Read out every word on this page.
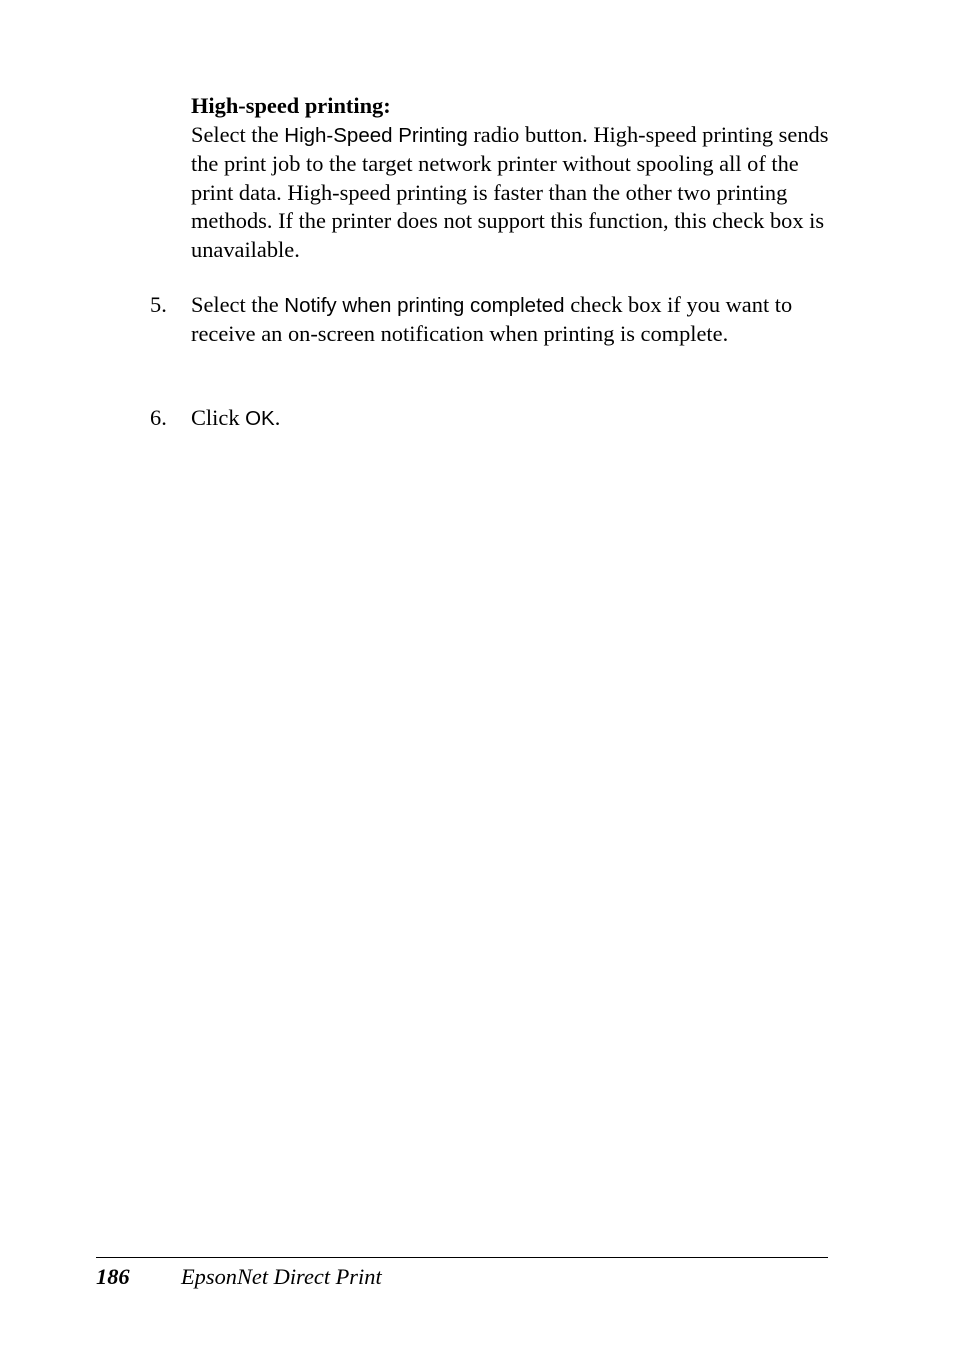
High-speed printing:
Select the High-Speed Printing radio button. High-speed printing sends the print job to the target network printer without spooling all of the print data. High-speed printing is faster than the other two printing methods. If the printer does not support this function, this check box is unavailable.
5.	Select the Notify when printing completed check box if you want to receive an on-screen notification when printing is complete.
6.	Click OK.
186 EpsonNet Direct Print
